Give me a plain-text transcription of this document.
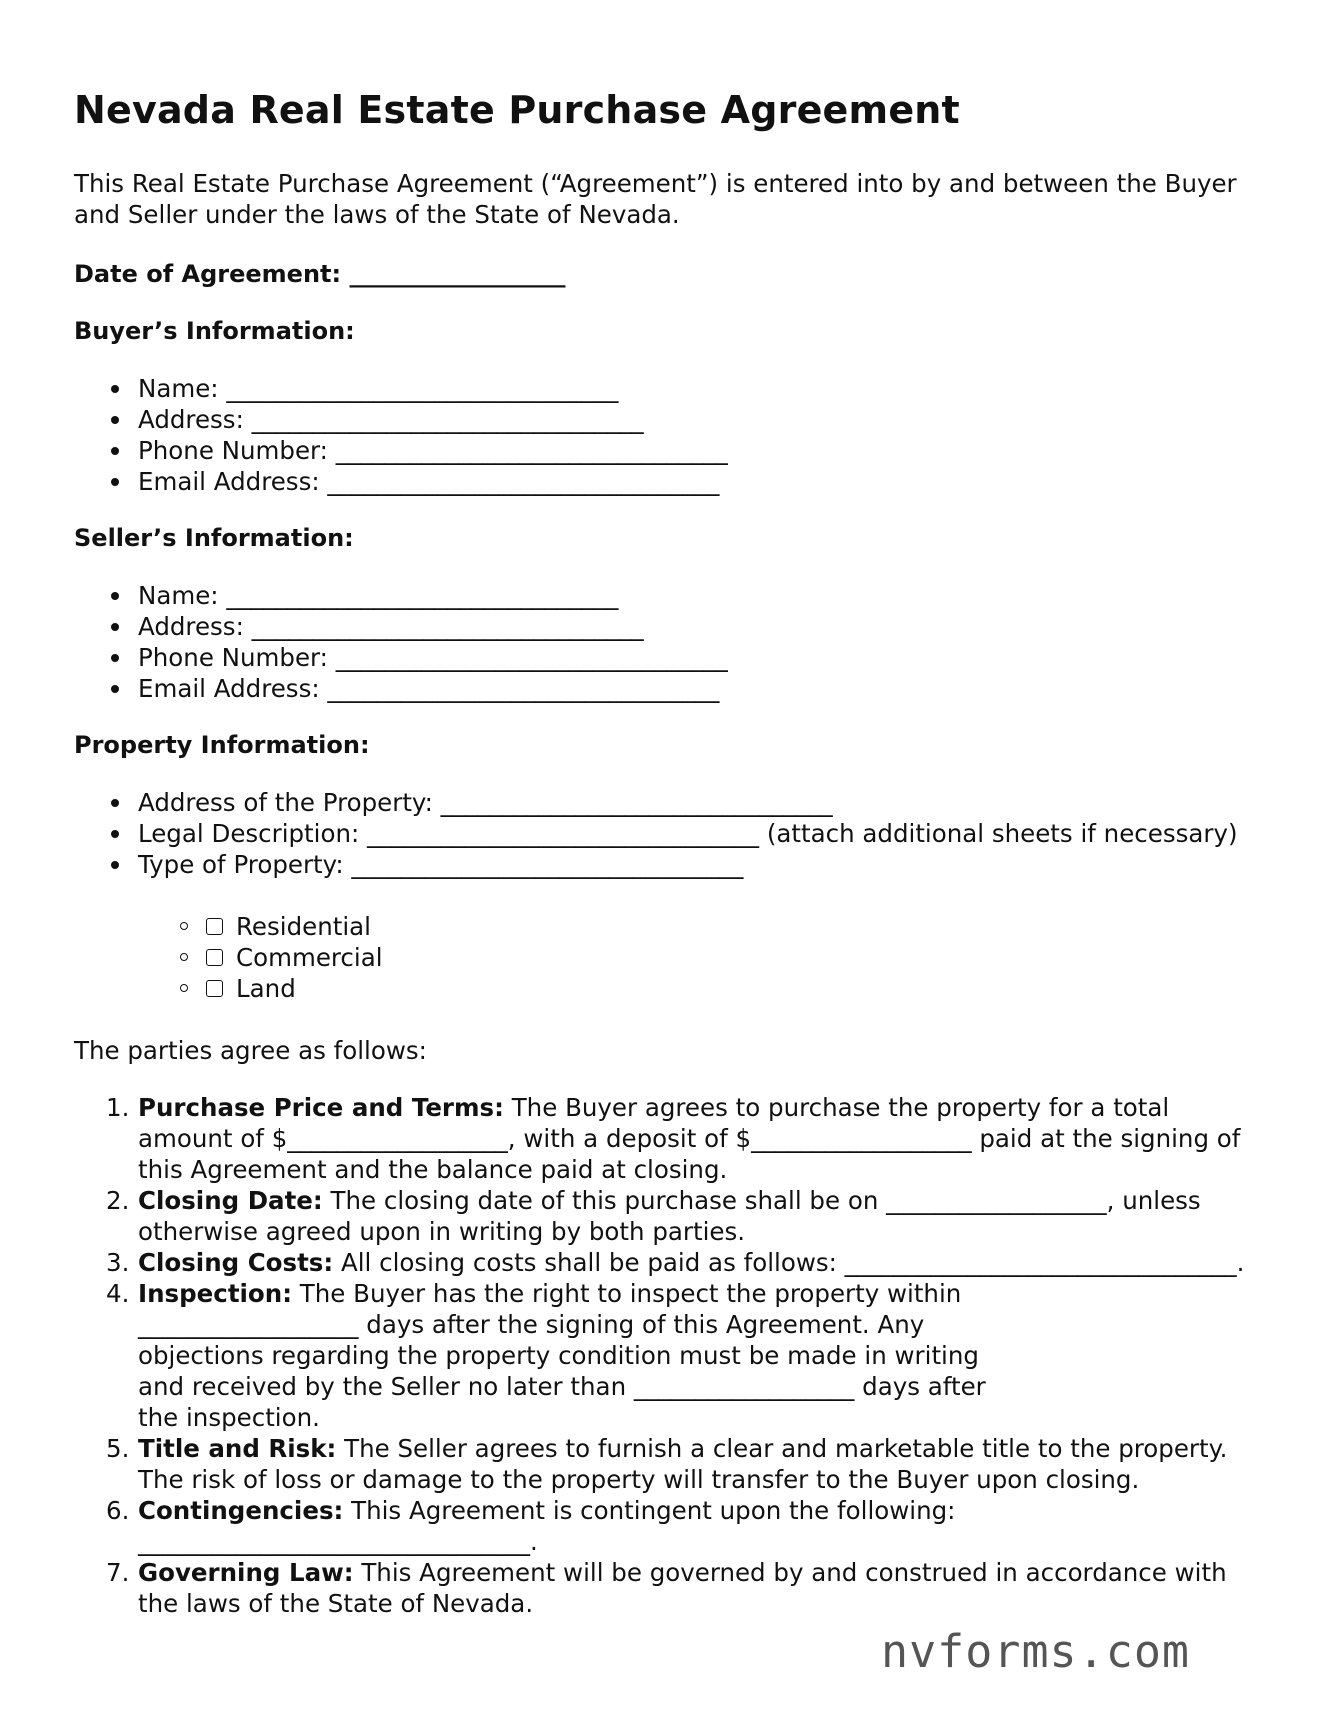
Nevada Real Estate Purchase Agreement
This Real Estate Purchase Agreement (“Agreement”) is entered into by and between the Buyer and Seller under the laws of the State of Nevada.
Date of Agreement: __________________
Buyer’s Information:
Name: ________________________________
Address: ________________________________
Phone Number: ________________________________
Email Address: ________________________________
Seller’s Information:
Name: ________________________________
Address: ________________________________
Phone Number: ________________________________
Email Address: ________________________________
Property Information:
Address of the Property: ________________________________
Legal Description: ________________________________ (attach additional sheets if necessary)
Type of Property: ________________________________
Residential
Commercial
Land
The parties agree as follows:
1. Purchase Price and Terms: The Buyer agrees to purchase the property for a total amount of $__________________, with a deposit of $__________________ paid at the signing of this Agreement and the balance paid at closing.
2. Closing Date: The closing date of this purchase shall be on __________________, unless otherwise agreed upon in writing by both parties.
3. Closing Costs: All closing costs shall be paid as follows: ________________________________.
4. Inspection: The Buyer has the right to inspect the property within __________________ days after the signing of this Agreement. Any objections regarding the property condition must be made in writing and received by the Seller no later than __________________ days after the inspection.
5. Title and Risk: The Seller agrees to furnish a clear and marketable title to the property. The risk of loss or damage to the property will transfer to the Buyer upon closing.
6. Contingencies: This Agreement is contingent upon the following: ________________________________.
7. Governing Law: This Agreement will be governed by and construed in accordance with the laws of the State of Nevada.
nvforms.com
